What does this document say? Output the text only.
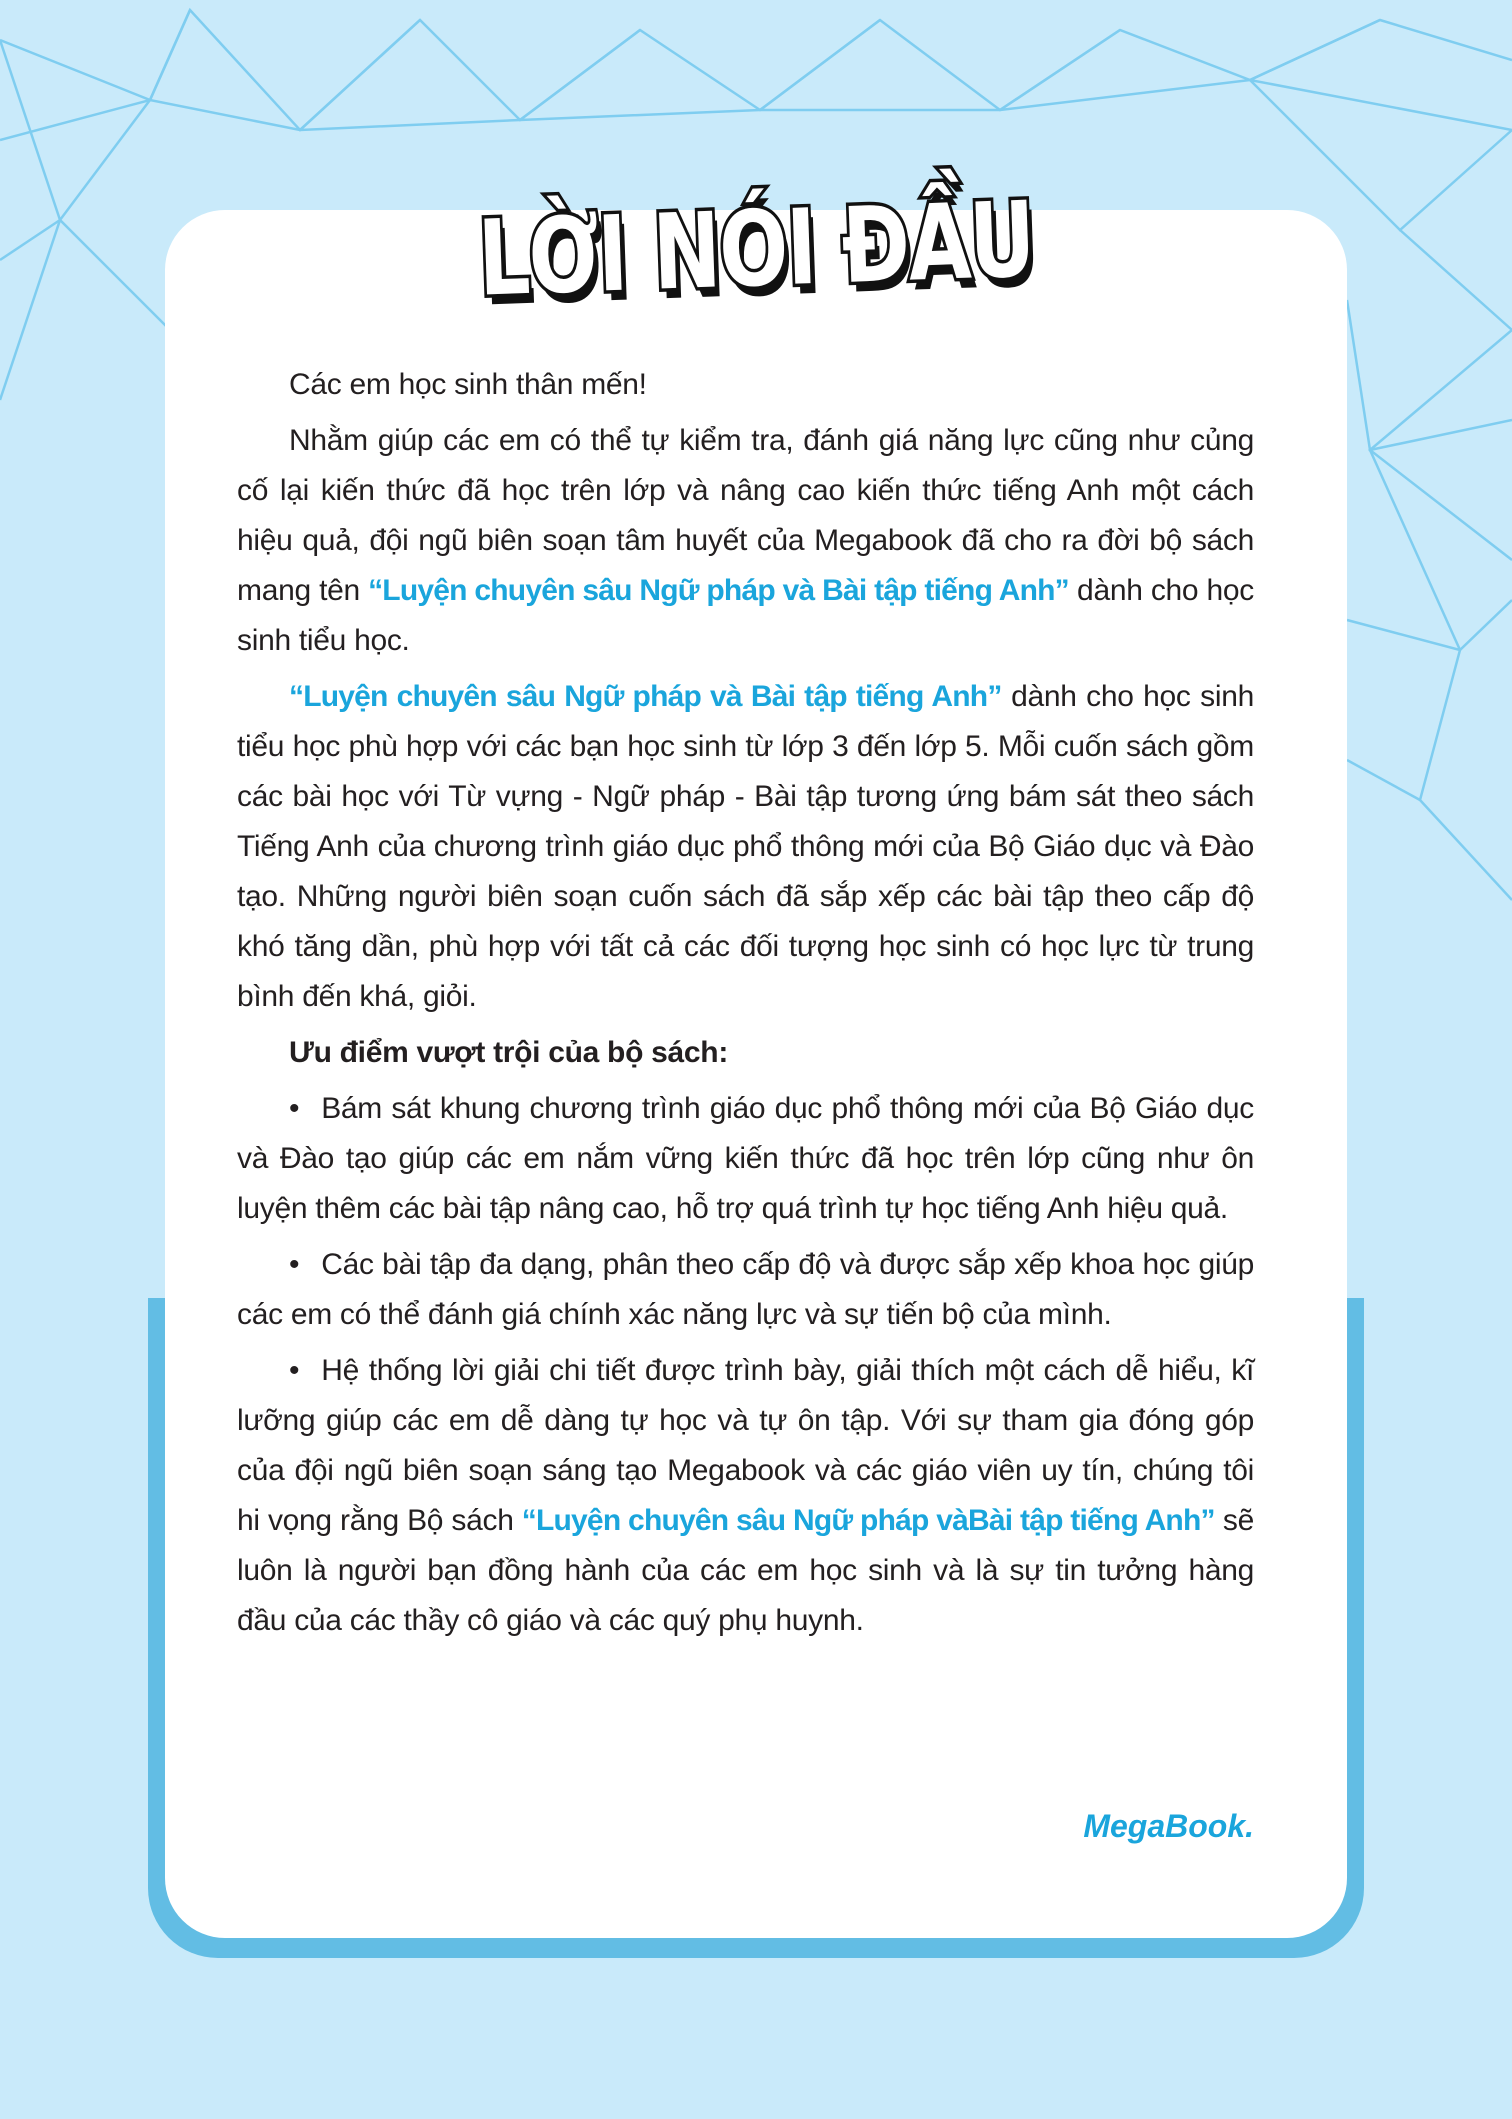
LỜI NÓI ĐẦU

Các em học sinh thân mến!

Nhằm giúp các em có thể tự kiểm tra, đánh giá năng lực cũng như củng cố lại kiến thức đã học trên lớp và nâng cao kiến thức tiếng Anh một cách hiệu quả, đội ngũ biên soạn tâm huyết của Megabook đã cho ra đời bộ sách mang tên “Luyện chuyên sâu Ngữ pháp và Bài tập tiếng Anh” dành cho học sinh tiểu học.

“Luyện chuyên sâu Ngữ pháp và Bài tập tiếng Anh” dành cho học sinh tiểu học phù hợp với các bạn học sinh từ lớp 3 đến lớp 5. Mỗi cuốn sách gồm các bài học với Từ vựng - Ngữ pháp - Bài tập tương ứng bám sát theo sách Tiếng Anh của chương trình giáo dục phổ thông mới của Bộ Giáo dục và Đào tạo. Những người biên soạn cuốn sách đã sắp xếp các bài tập theo cấp độ khó tăng dần, phù hợp với tất cả các đối tượng học sinh có học lực từ trung bình đến khá, giỏi.

Ưu điểm vượt trội của bộ sách:

• Bám sát khung chương trình giáo dục phổ thông mới của Bộ Giáo dục và Đào tạo giúp các em nắm vững kiến thức đã học trên lớp cũng như ôn luyện thêm các bài tập nâng cao, hỗ trợ quá trình tự học tiếng Anh hiệu quả.

• Các bài tập đa dạng, phân theo cấp độ và được sắp xếp khoa học giúp các em có thể đánh giá chính xác năng lực và sự tiến bộ của mình.

• Hệ thống lời giải chi tiết được trình bày, giải thích một cách dễ hiểu, kĩ lưỡng giúp các em dễ dàng tự học và tự ôn tập. Với sự tham gia đóng góp của đội ngũ biên soạn sáng tạo Megabook và các giáo viên uy tín, chúng tôi hi vọng rằng Bộ sách “Luyện chuyên sâu Ngữ pháp vàBài tập tiếng Anh” sẽ luôn là người bạn đồng hành của các em học sinh và là sự tin tưởng hàng đầu của các thầy cô giáo và các quý phụ huynh.

MegaBook.
